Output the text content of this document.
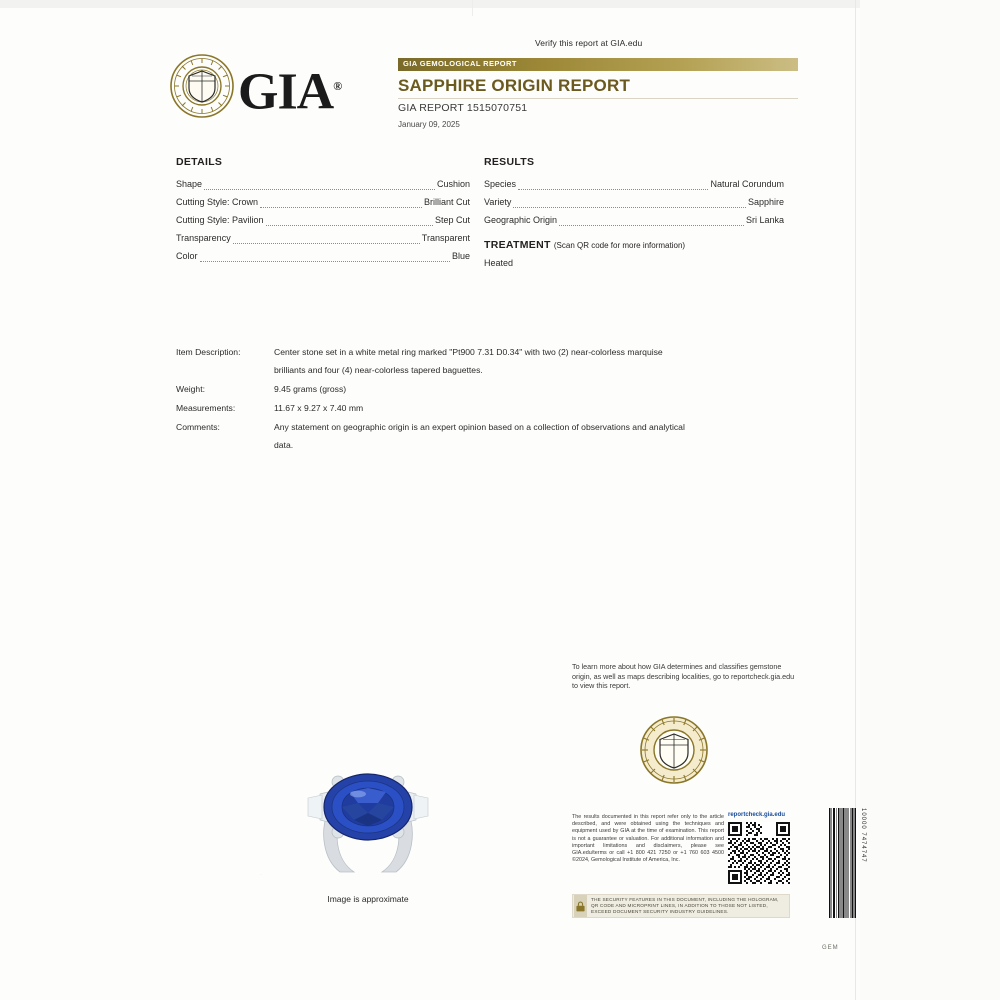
Verify this report at GIA.edu
GIA®
GIA GEMOLOGICAL REPORT
SAPPHIRE ORIGIN REPORT
GIA REPORT 1515070751
January 09, 2025
DETAILS	RESULTS
TREATMENT (Scan QR code for more information)
Heated
Shape	Cushion
Cutting Style: Crown	Brilliant Cut
Cutting Style: Pavilion	Step Cut
Transparency	Transparent
Color	Blue
Species	Natural Corundum
Variety	Sapphire
Geographic Origin	Sri Lanka
Item Description:	Center stone set in a white metal ring marked "Pt900 7.31 D0.34" with two (2) near-colorless marquise
brilliants and four (4) near-colorless tapered baguettes.
Weight:	9.45 grams (gross)
Measurements:	11.67 x 9.27 x 7.40 mm
Comments:	Any statement on geographic origin is an expert opinion based on a collection of observations and analytical
data.
To learn more about how GIA determines and classifies gemstone origin, as well as maps describing localities, go to reportcheck.gia.edu to view this report.
Image is approximate
·
The results documented in this report refer only to the article described, and were obtained using the techniques and equipment used by GIA at the time of examination. This report is not a guarantee or valuation. For additional information and important limitations and disclaimers, please see GIA.edu/terms or call +1 800 421 7250 or +1 760 603 4500 ©2024, Gemological Institute of America, Inc.
reportcheck.gia.edu
THE SECURITY FEATURES IN THIS DOCUMENT, INCLUDING THE HOLOGRAM, QR CODE AND MICROPRINT LINES, IN ADDITION TO THOSE NOT LISTED, EXCEED DOCUMENT SECURITY INDUSTRY GUIDELINES.
10000 7474747
GEM
